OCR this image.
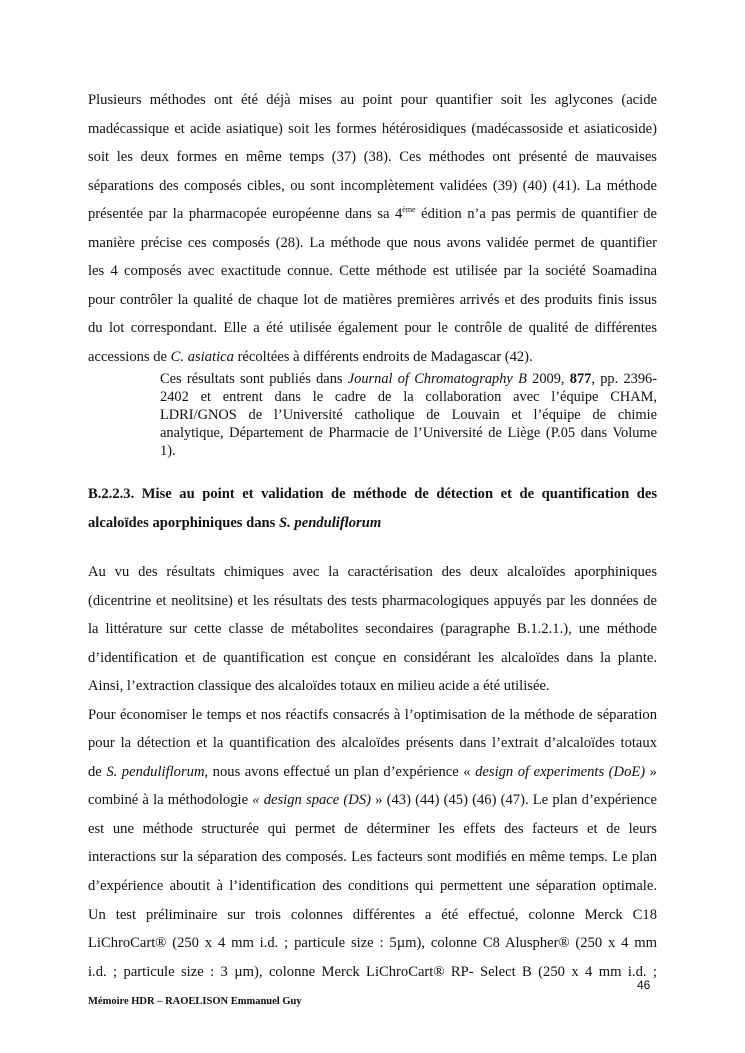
Plusieurs méthodes ont été déjà mises au point pour quantifier soit les aglycones (acide
madécassique et acide asiatique) soit les formes hétérosidiques (madécassoside et asiaticoside)
soit les deux formes en même temps (37) (38). Ces méthodes ont présenté de mauvaises
séparations des composés cibles, ou sont incomplètement validées (39) (40) (41). La méthode
présentée par la pharmacopée européenne dans sa 4ème édition n’a pas permis de quantifier de
manière précise ces composés (28). La méthode que nous avons validée permet de quantifier
les 4 composés avec exactitude connue. Cette méthode est utilisée par la société Soamadina
pour contrôler la qualité de chaque lot de matières premières arrivés et des produits finis issus
du lot correspondant. Elle a été utilisée également pour le contrôle de qualité de différentes
accessions de C. asiatica récoltées à différents endroits de Madagascar (42).
Ces résultats sont publiés dans Journal of Chromatography B 2009, 877, pp. 2396-
2402 et entrent dans le cadre de la collaboration avec l’équipe CHAM,
LDRI/GNOS de l’Université catholique de Louvain et l’équipe de chimie
analytique, Département de Pharmacie de l’Université de Liège (P.05 dans Volume
1).
B.2.2.3. Mise au point et validation de méthode de détection et de quantification des
alcaloïdes aporphiniques dans S. penduliflorum
Au vu des résultats chimiques avec la caractérisation des deux alcaloïdes aporphiniques
(dicentrine et neolitsine) et les résultats des tests pharmacologiques appuyés par les données de
la littérature sur cette classe de métabolites secondaires (paragraphe B.1.2.1.), une méthode
d’identification et de quantification est conçue en considérant les alcaloïdes dans la plante.
Ainsi, l’extraction classique des alcaloïdes totaux en milieu acide a été utilisée.
Pour économiser le temps et nos réactifs consacrés à l’optimisation de la méthode de séparation
pour la détection et la quantification des alcaloïdes présents dans l’extrait d’alcaloïdes totaux
de S. penduliflorum, nous avons effectué un plan d’expérience « design of experiments (DoE) »
combiné à la méthodologie « design space (DS) » (43) (44) (45) (46) (47). Le plan d’expérience
est une méthode structurée qui permet de déterminer les effets des facteurs et de leurs
interactions sur la séparation des composés. Les facteurs sont modifiés en même temps. Le plan
d’expérience aboutit à l’identification des conditions qui permettent une séparation optimale.
Un test préliminaire sur trois colonnes différentes a été effectué, colonne Merck C18
LiChroCart® (250 x 4 mm i.d. ; particule size : 5µm), colonne C8 Aluspher® (250 x 4 mm
i.d. ; particule size : 3 µm), colonne Merck LiChroCart® RP- Select B (250 x 4 mm i.d. ;
46
Mémoire HDR – RAOELISON Emmanuel Guy
